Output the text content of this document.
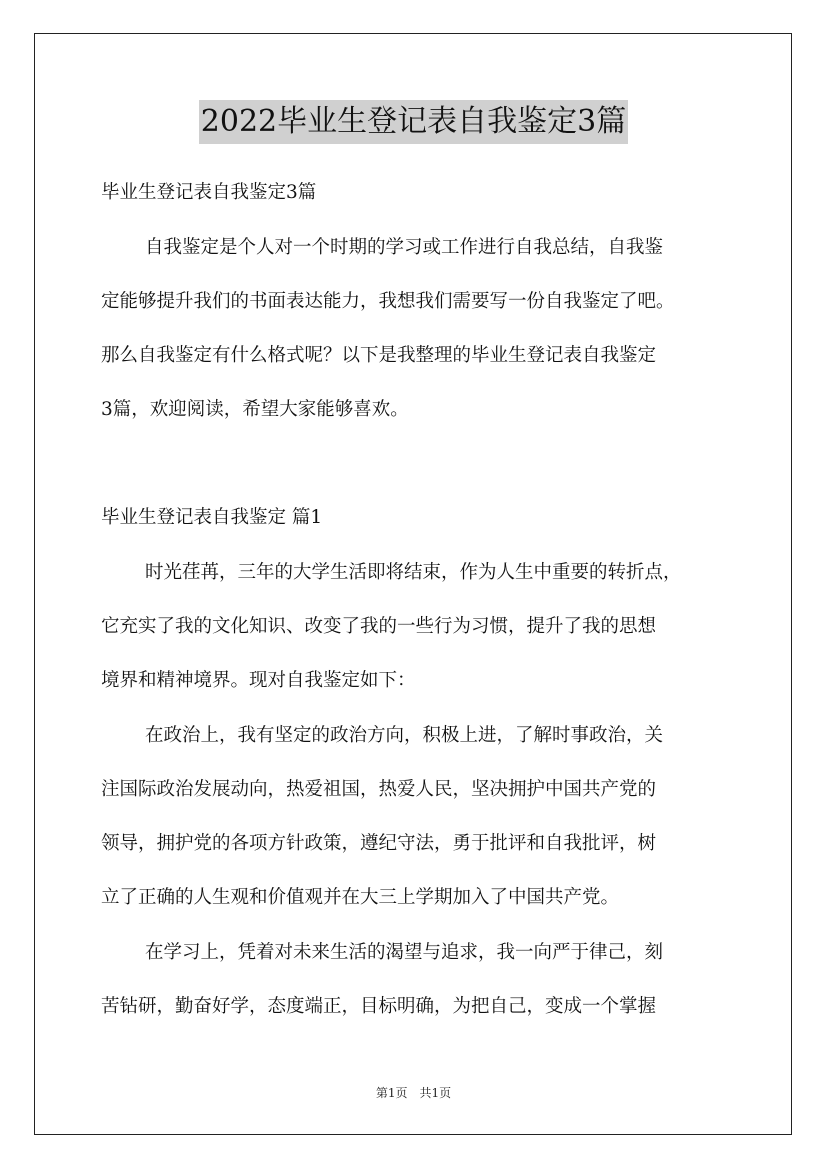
2022毕业生登记表自我鉴定3篇
毕业生登记表自我鉴定3篇
自我鉴定是个人对一个时期的学习或工作进行自我总结，自我鉴
定能够提升我们的书面表达能力，我想我们需要写一份自我鉴定了吧。
那么自我鉴定有什么格式呢？以下是我整理的毕业生登记表自我鉴定
3篇，欢迎阅读，希望大家能够喜欢。
毕业生登记表自我鉴定 篇1
时光荏苒，三年的大学生活即将结束，作为人生中重要的转折点，
它充实了我的文化知识、改变了我的一些行为习惯，提升了我的思想
境界和精神境界。现对自我鉴定如下：
在政治上，我有坚定的政治方向，积极上进，了解时事政治，关
注国际政治发展动向，热爱祖国，热爱人民，坚决拥护中国共产党的
领导，拥护党的各项方针政策，遵纪守法，勇于批评和自我批评，树
立了正确的人生观和价值观并在大三上学期加入了中国共产党。
在学习上，凭着对未来生活的渴望与追求，我一向严于律己，刻
苦钻研，勤奋好学，态度端正，目标明确，为把自己，变成一个掌握
第1页　共1页
